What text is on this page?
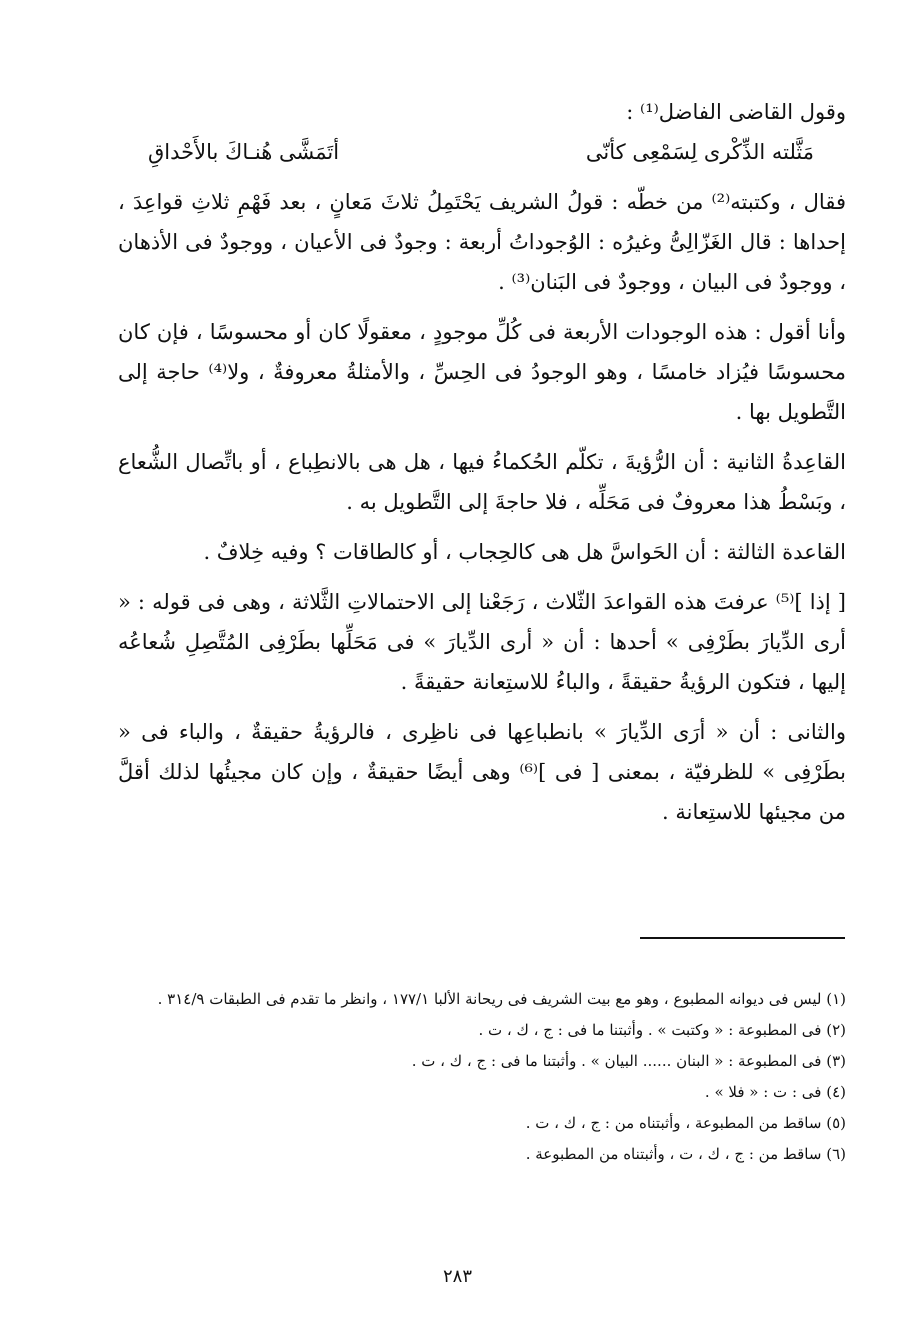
وقول القاضى الفاضل⁽¹⁾ :

مَثَّلته الذِّكْرى لِسَمْعِى كأنّى
أتَمَشَّى هُنـاكَ بالأَحْداقِ

فقال ، وكتبته⁽²⁾ من خطّه : قولُ الشريف يَحْتَمِلُ ثلاثَ مَعانٍ ، بعد فَهْمِ ثلاثِ قواعِدَ ، إحداها : قال الغَزّالِىُّ وغيرُه : الوُجوداتُ أربعة : وجودٌ فى الأعيان ، ووجودٌ فى الأذهان ، ووجودٌ فى البيان ، ووجودٌ فى البَنان⁽³⁾ .

وأنا أقول : هذه الوجودات الأربعة فى كُلِّ موجودٍ ، معقولًا كان أو محسوسًا ، فإن كان محسوسًا فيُزاد خامسًا ، وهو الوجودُ فى الحِسِّ ، والأمثلةُ معروفةٌ ، ولا⁽⁴⁾ حاجة إلى التَّطويل بها .

القاعِدةُ الثانية : أن الرُّؤيةَ ، تكلّم الحُكماءُ فيها ، هل هى بالانطِباع ، أو باتِّصال الشُّعاع ، وبَسْطُ هذا معروفٌ فى مَحَلِّه ، فلا حاجةَ إلى التَّطويل به .

القاعدة الثالثة : أن الحَواسَّ هل هى كالحِجاب ، أو كالطاقات ؟ وفيه خِلافٌ .

[ إذا ]⁽⁵⁾ عرفتَ هذه القواعدَ الثّلاث ، رَجَعْنا إلى الاحتمالاتِ الثَّلاثة ، وهى فى قوله : « أرى الدِّيارَ بطَرْفِى » أحدها : أن « أرى الدِّيارَ » فى مَحَلِّها بطَرْفِى المُتَّصِلِ شُعاعُه إليها ، فتكون الرؤيةُ حقيقةً ، والباءُ للاستِعانة حقيقةً .

والثانى : أن « أرَى الدِّيارَ » بانطباعِها فى ناظِرى ، فالرؤيةُ حقيقةٌ ، والباء فى « بطَرْفِى » للظرفيّة ، بمعنى [ فى ]⁽⁶⁾ وهى أيضًا حقيقةٌ ، وإن كان مجيئُها لذلك أقلَّ من مجيئها للاستِعانة .

(١) ليس فى ديوانه المطبوع ، وهو مع بيت الشريف فى ريحانة الألبا ١٧٧/١ ، وانظر ما تقدم فى الطبقات ٣١٤/٩ .

(٢) فى المطبوعة : « وكتبت » . وأثبتنا ما فى : ج ، ك ، ت .

(٣) فى المطبوعة : « البنان ...... البيان » . وأثبتنا ما فى : ج ، ك ، ت .

(٤) فى : ت : « فلا » .

(٥) ساقط من المطبوعة ، وأثبتناه من : ج ، ك ، ت .

(٦) ساقط من : ج ، ك ، ت ، وأثبتناه من المطبوعة .

٢٨٣
